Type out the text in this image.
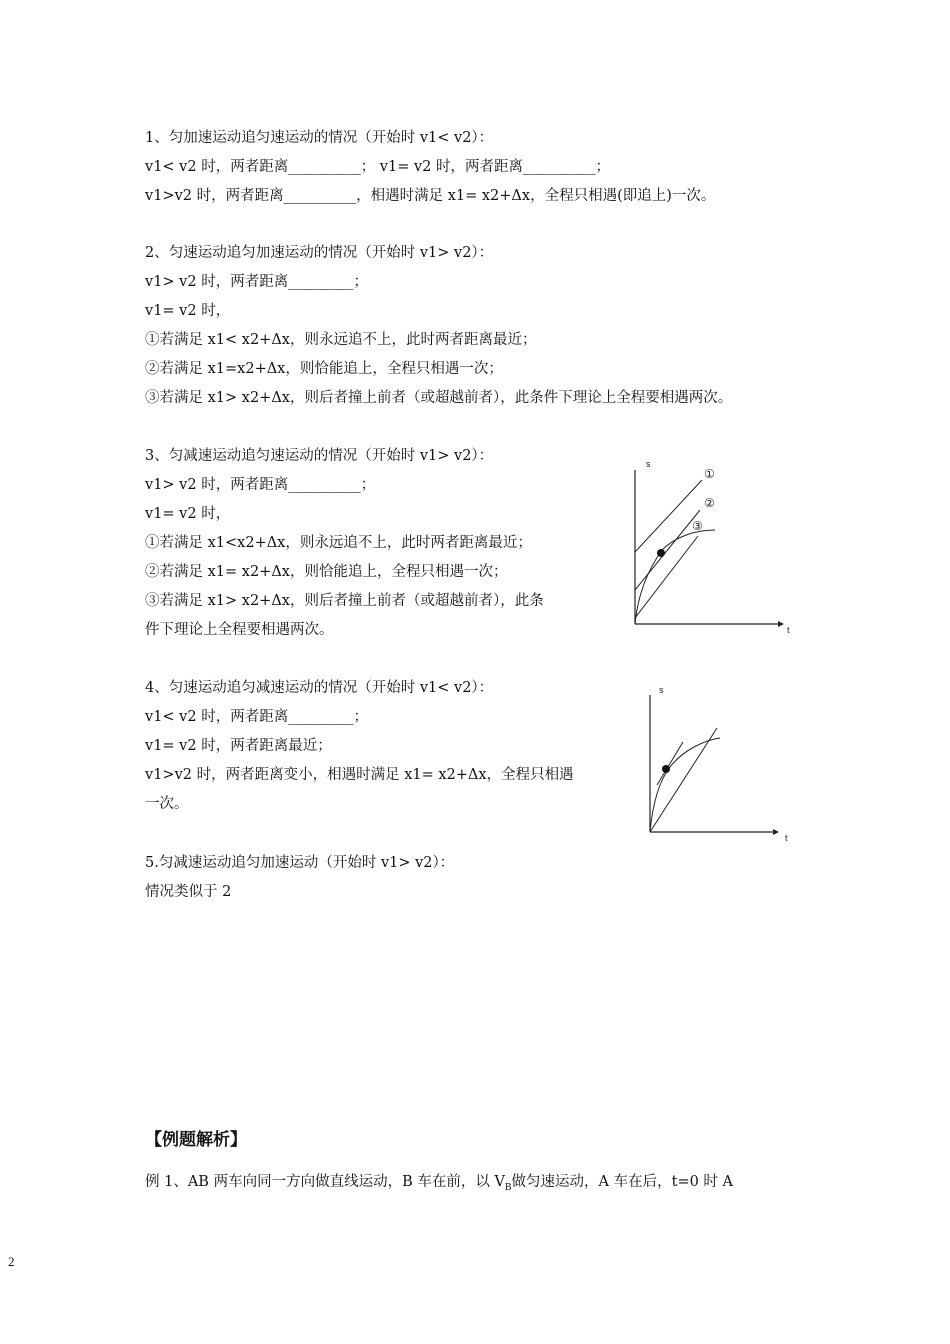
1、匀加速运动追匀速运动的情况（开始时 v1< v2）：
v1< v2 时，两者距离__________； v1= v2 时，两者距离__________；
v1>v2 时，两者距离__________，相遇时满足 x1= x2+Δx，全程只相遇(即追上)一次。
2、匀速运动追匀加速运动的情况（开始时 v1> v2）：
v1> v2 时，两者距离_________；
v1= v2 时，
①若满足 x1< x2+Δx，则永远追不上，此时两者距离最近；
②若满足 x1=x2+Δx，则恰能追上，全程只相遇一次；
③若满足 x1> x2+Δx，则后者撞上前者（或超越前者），此条件下理论上全程要相遇两次。
3、匀减速运动追匀速运动的情况（开始时 v1> v2）：
v1> v2 时，两者距离__________；
v1= v2 时，
①若满足 x1<x2+Δx，则永远追不上，此时两者距离最近；
②若满足 x1= x2+Δx，则恰能追上，全程只相遇一次；
③若满足 x1> x2+Δx，则后者撞上前者（或超越前者），此条
件下理论上全程要相遇两次。
s
t
①
②
③
4、匀速运动追匀减速运动的情况（开始时 v1< v2）：
v1< v2 时，两者距离_________；
v1= v2 时，两者距离最近；
v1>v2 时，两者距离变小，相遇时满足 x1= x2+Δx，全程只相遇
一次。
s
t
5.匀减速运动追匀加速运动（开始时 v1> v2）：
情况类似于 2
【例题解析】
例 1、AB 两车向同一方向做直线运动，B 车在前，以 $V_B$做匀速运动，A 车在后，t=0 时 A
2
